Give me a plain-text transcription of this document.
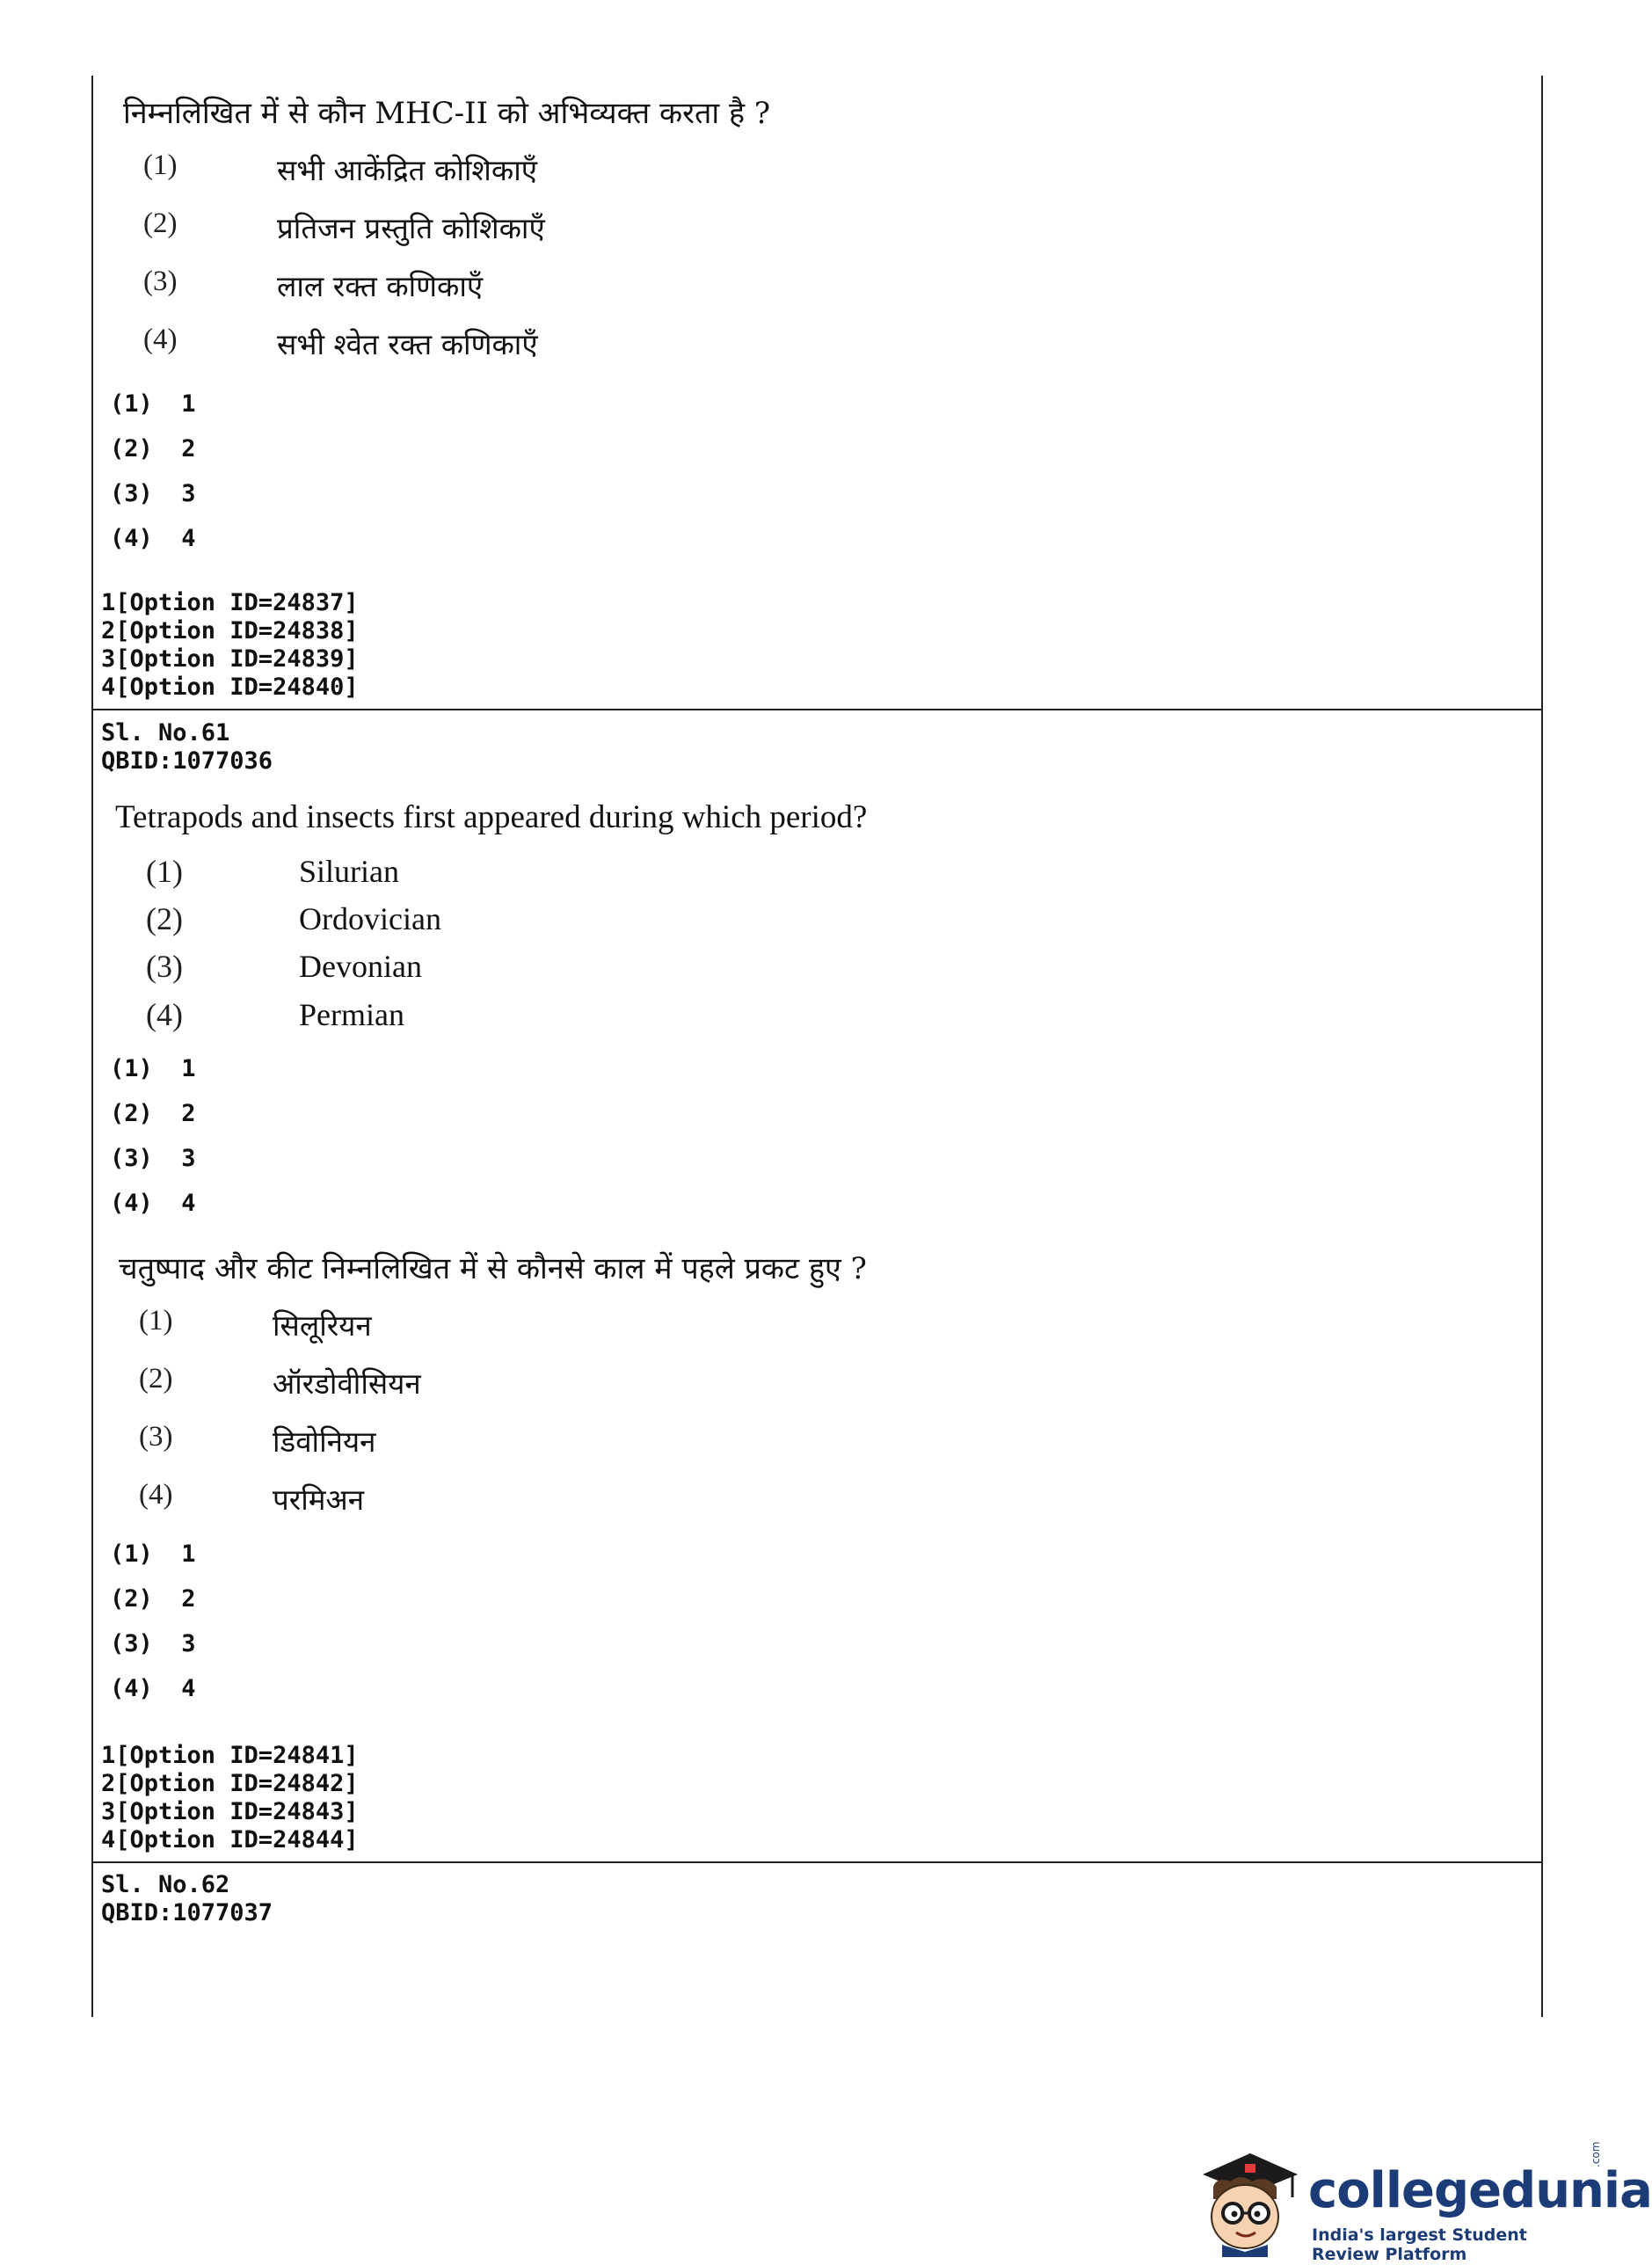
निम्नलिखित में से कौन MHC-II को अभिव्यक्त करता है ?
(1)	सभी आकेंद्रित कोशिकाएँ
(2)	प्रतिजन प्रस्तुति कोशिकाएँ
(3)	लाल रक्त कणिकाएँ
(4)	सभी श्वेत रक्त कणिकाएँ
(1)  1
(2)  2
(3)  3
(4)  4
1[Option ID=24837]
2[Option ID=24838]
3[Option ID=24839]
4[Option ID=24840]
Sl. No.61
QBID:1077036
Tetrapods and insects first appeared during which period?
(1)	Silurian
(2)	Ordovician
(3)	Devonian
(4)	Permian
(1)  1
(2)  2
(3)  3
(4)  4
चतुष्पाद और कीट निम्नलिखित में से कौनसे काल में पहले प्रकट हुए ?
(1)	सिलूरियन
(2)	ऑरडोवीसियन
(3)	डिवोनियन
(4)	परमिअन
(1)  1
(2)  2
(3)  3
(4)  4
1[Option ID=24841]
2[Option ID=24842]
3[Option ID=24843]
4[Option ID=24844]
Sl. No.62
QBID:1077037
collegedunia
.com
India's largest Student Review Platform
